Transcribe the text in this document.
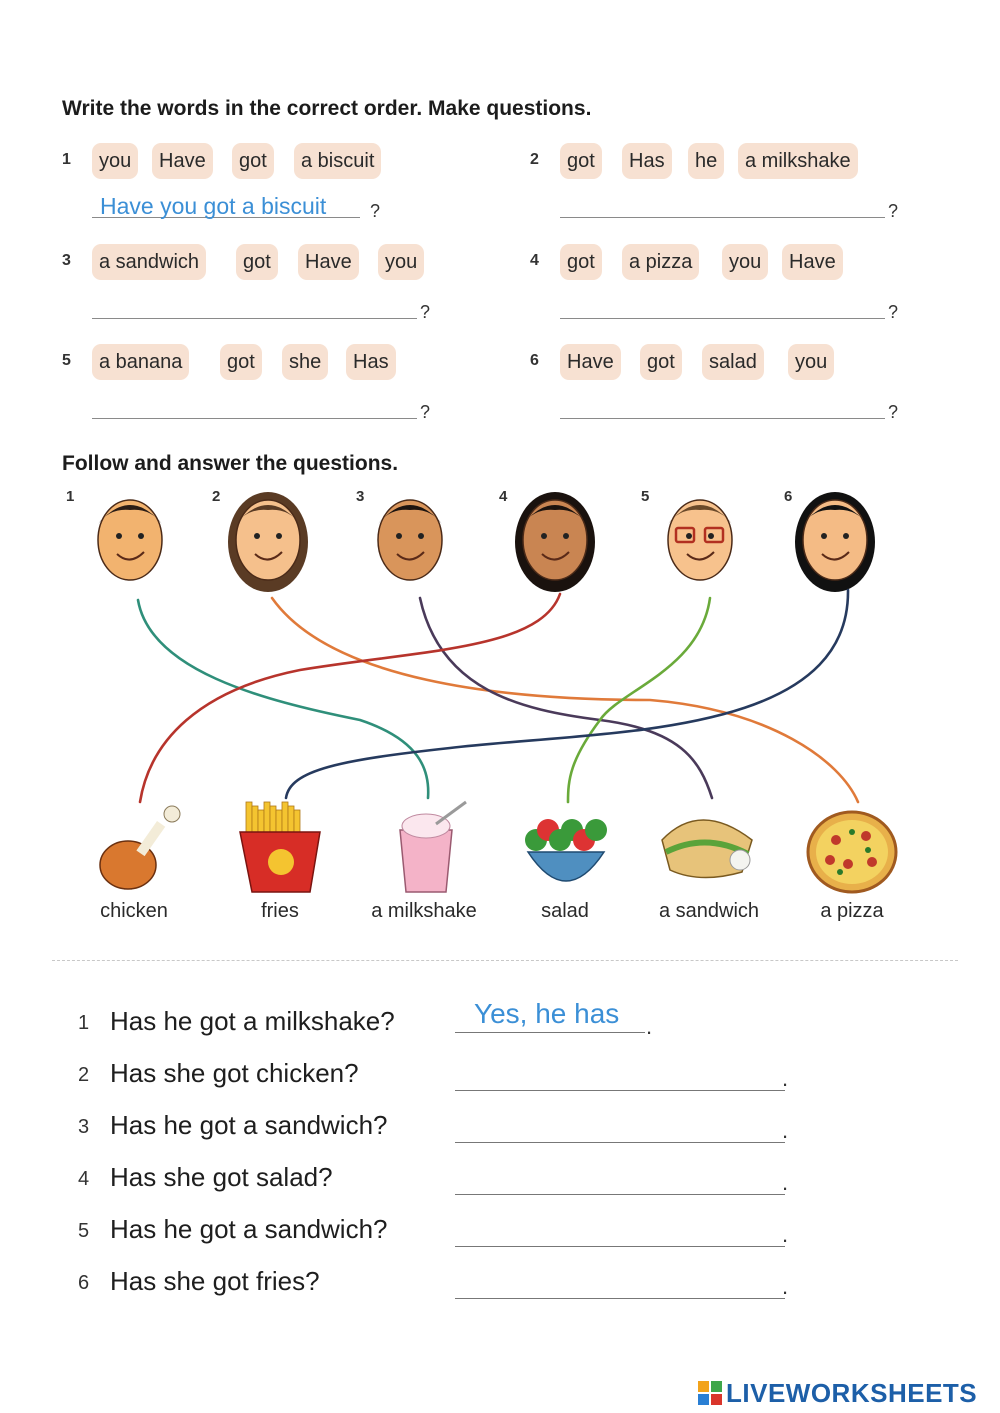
Write the words in the correct order. Make questions.
1	you	Have	got	a biscuit
Have you got a biscuit ?
2	got	Has	he	a milkshake
?
3	a sandwich	got	Have	you
?
4	got	a pizza	you	Have
?
5	a banana	got	she	Has
?
6	Have	got	salad	you
?
Follow and answer the questions.
1	2	3	4	5	6
chicken	fries	a milkshake	salad	a sandwich	a pizza
1 Has he got a milkshake?	Yes, he has .
2 Has she got chicken?	.
3 Has he got a sandwich?	.
4 Has she got salad?	.
5 Has he got a sandwich?	.
6 Has she got fries?	.
LIVEWORKSHEETS
